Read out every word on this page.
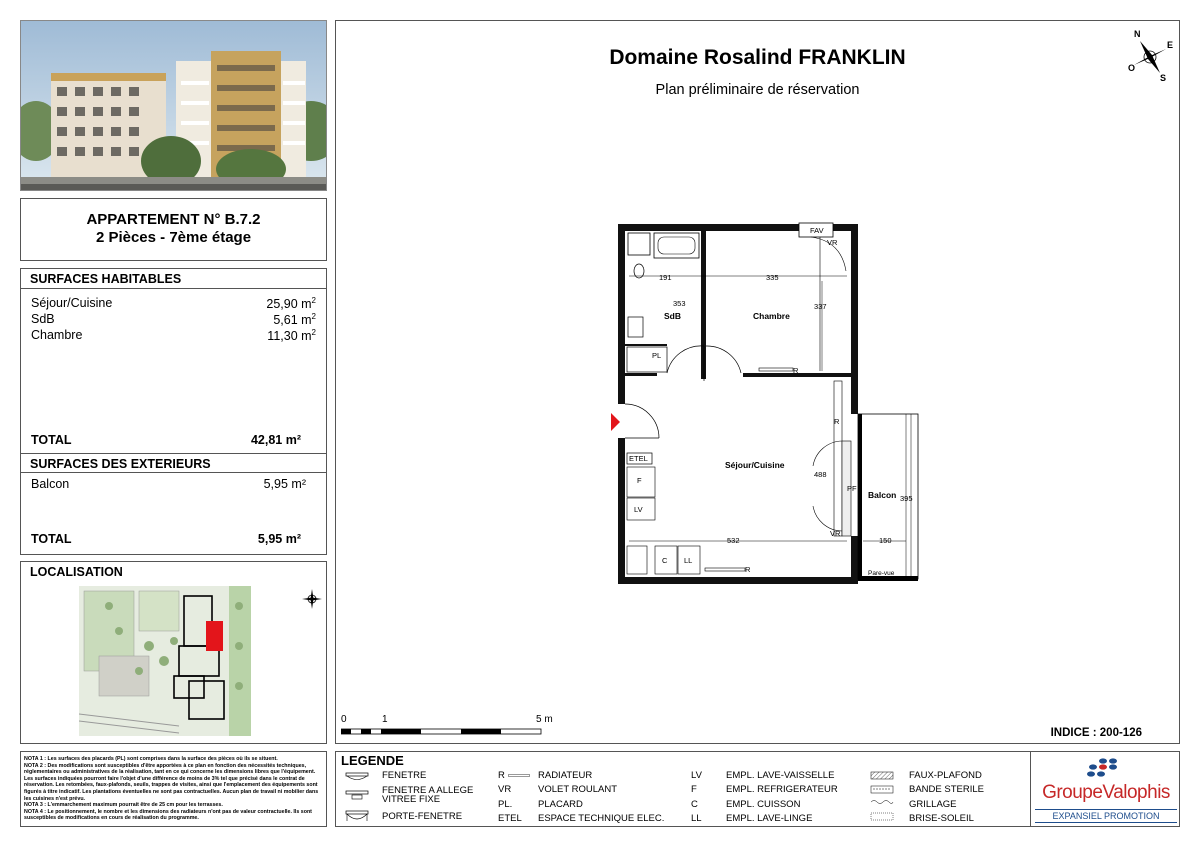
APPARTEMENT N° B.7.2
2 Pièces - 7ème étage
SURFACES HABITABLES
Séjour/Cuisine	25,90 $m^2$
SdB	5,61 $m^2$
Chambre	11,30 $m^2$
TOTAL	42,81 m²
SURFACES DES EXTERIEURS
Balcon	5,95 m²
TOTAL	5,95 m²
LOCALISATION

NOTA 1 : Les surfaces des placards (PL) sont comprises dans la surface des pièces où ils se situent.

NOTA 2 : Des modifications sont susceptibles d'être apportées à ce plan en fonction des nécessités techniques, réglementaires ou administratives de la réalisation, tant en ce qui concerne les dimensions libres que l'équipement. Les surfaces indiquées pourront faire l'objet d'une différence de moins de 3% tel que précisé dans le contrat de réservation. Les retombées, faux-plafonds, seuils, trappes de visites, ainsi que l'emplacement des équipements sont figurés à titre indicatif. Les plantations éventuelles ne sont pas contractuelles. Aucun plan de travail ni mobilier dans les cuisines n'est prévu.

NOTA 3 : L'emmarchement maximum pourrait être de 25 cm pour les terrasses.

NOTA 4 : Le positionnement, le nombre et les dimensions des radiateurs n'ont pas de valeur contractuelle. Ils sont susceptibles de modifications en cours de réalisation du programme.

Domaine Rosalind FRANKLIN
Plan préliminaire de réservation
N
E
O
S
FAV
VR
PL
R
ETEL
F
LV
C LL
R
R
PF
VR
Pare-vue
191	335
353	337
488
532
395
150
SdB	Chambre
Séjour/Cuisine
Balcon
0	1	5 m
INDICE : 200-126
LEGENDE
FENETRE
FENETRE A ALLEGE VITREE FIXE
PORTE-FENETRE
R	RADIATEUR
VR	VOLET ROULANT
PL.	PLACARD
ETEL ESPACE TECHNIQUE ELEC.
LV	EMPL. LAVE-VAISSELLE
F	EMPL. REFRIGERATEUR
C	EMPL. CUISSON
LL	EMPL. LAVE-LINGE
FAUX-PLAFOND
BANDE STERILE
GRILLAGE
BRISE-SOLEIL
GroupeValophis
EXPANSIEL PROMOTION
